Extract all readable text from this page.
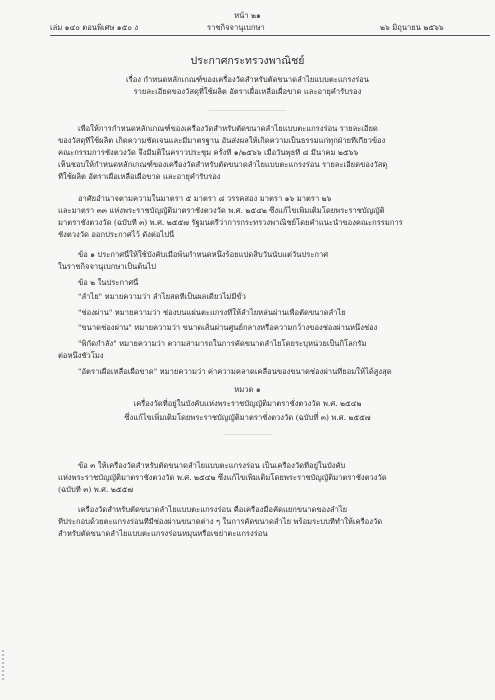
หน้า ๒๑
เล่ม ๑๔๐ ตอนพิเศษ ๑๕๐ ง	ราชกิจจานุเบกษา	๒๖ มิถุนายน ๒๕๖๖
ประกาศกระทรวงพาณิชย์
เรื่อง กำหนดหลักเกณฑ์ของเครื่องวัดสำหรับตัดขนาดลำไยแบบตะแกรงร่อน
รายละเอียดของวัสดุที่ใช้ผลิต อัตราเผื่อเหลือเผื่อขาด และอายุคำรับรอง
__________________________
เพื่อให้การกำหนดหลักเกณฑ์ของเครื่องวัดสำหรับตัดขนาดลำไยแบบตะแกรงร่อน รายละเอียด
ของวัสดุที่ใช้ผลิต เกิดความชัดเจนและมีมาตรฐาน อันส่งผลให้เกิดความเป็นธรรมแก่ทุกฝ่ายที่เกี่ยวข้อง
คณะกรรมการชั่งตวงวัด จึงมีมติในคราวประชุม ครั้งที่ ๑/๒๕๖๖ เมื่อวันพุธที่ ๘ มีนาคม ๒๕๖๖
เห็นชอบให้กำหนดหลักเกณฑ์ของเครื่องวัดสำหรับตัดขนาดลำไยแบบตะแกรงร่อน รายละเอียดของวัสดุ
ที่ใช้ผลิต อัตราเผื่อเหลือเผื่อขาด และอายุคำรับรอง
อาศัยอำนาจตามความในมาตรา ๕ มาตรา ๘ วรรคสอง มาตรา ๑๖ มาตรา ๒๖
และมาตรา ๓๓ แห่งพระราชบัญญัติมาตราชั่งตวงวัด พ.ศ. ๒๕๔๒ ซึ่งแก้ไขเพิ่มเติมโดยพระราชบัญญัติ
มาตราชั่งตวงวัด (ฉบับที่ ๓) พ.ศ. ๒๕๕๗ รัฐมนตรีว่าการกระทรวงพาณิชย์โดยคำแนะนำของคณะกรรมการ
ชั่งตวงวัด ออกประกาศไว้ ดังต่อไปนี้
ข้อ ๑ ประกาศนี้ให้ใช้บังคับเมื่อพ้นกำหนดหนึ่งร้อยแปดสิบวันนับแต่วันประกาศ
ในราชกิจจานุเบกษาเป็นต้นไป
ข้อ ๒ ในประกาศนี้
"ลำไย" หมายความว่า ลำไยสดที่เป็นผลเดี่ยวไม่มีขั้ว
"ช่องผ่าน" หมายความว่า ช่องบนแผ่นตะแกรงที่ให้ลำไยหล่นผ่านเพื่อตัดขนาดลำไย
"ขนาดช่องผ่าน" หมายความว่า ขนาดเส้นผ่านศูนย์กลางหรือความกว้างของช่องผ่านหนึ่งช่อง
"พิกัดกำลัง" หมายความว่า ความสามารถในการคัดขนาดลำไยโดยระบุหน่วยเป็นกิโลกรัม
ต่อหนึ่งชั่วโมง
"อัตราเผื่อเหลือเผื่อขาด" หมายความว่า ค่าความคลาดเคลื่อนของขนาดช่องผ่านที่ยอมให้ได้สูงสุด
หมวด ๑
เครื่องวัดที่อยู่ในบังคับแห่งพระราชบัญญัติมาตราชั่งตวงวัด พ.ศ. ๒๕๔๒
ซึ่งแก้ไขเพิ่มเติมโดยพระราชบัญญัติมาตราชั่งตวงวัด (ฉบับที่ ๓) พ.ศ. ๒๕๕๗
________________
ข้อ ๓ ให้เครื่องวัดสำหรับตัดขนาดลำไยแบบตะแกรงร่อน เป็นเครื่องวัดที่อยู่ในบังคับ
แห่งพระราชบัญญัติมาตราชั่งตวงวัด พ.ศ. ๒๕๔๒ ซึ่งแก้ไขเพิ่มเติมโดยพระราชบัญญัติมาตราชั่งตวงวัด
(ฉบับที่ ๓) พ.ศ. ๒๕๕๗
เครื่องวัดสำหรับตัดขนาดลำไยแบบตะแกรงร่อน คือเครื่องมือคัดแยกขนาดของลำไย
ที่ประกอบด้วยตะแกรงร่อนที่มีช่องผ่านขนาดต่าง ๆ ในการคัดขนาดลำไย พร้อมระบบที่ทำให้เครื่องวัด
สำหรับตัดขนาดลำไยแบบตะแกรงร่อนหมุนหรือเขย่าตะแกรงร่อน
